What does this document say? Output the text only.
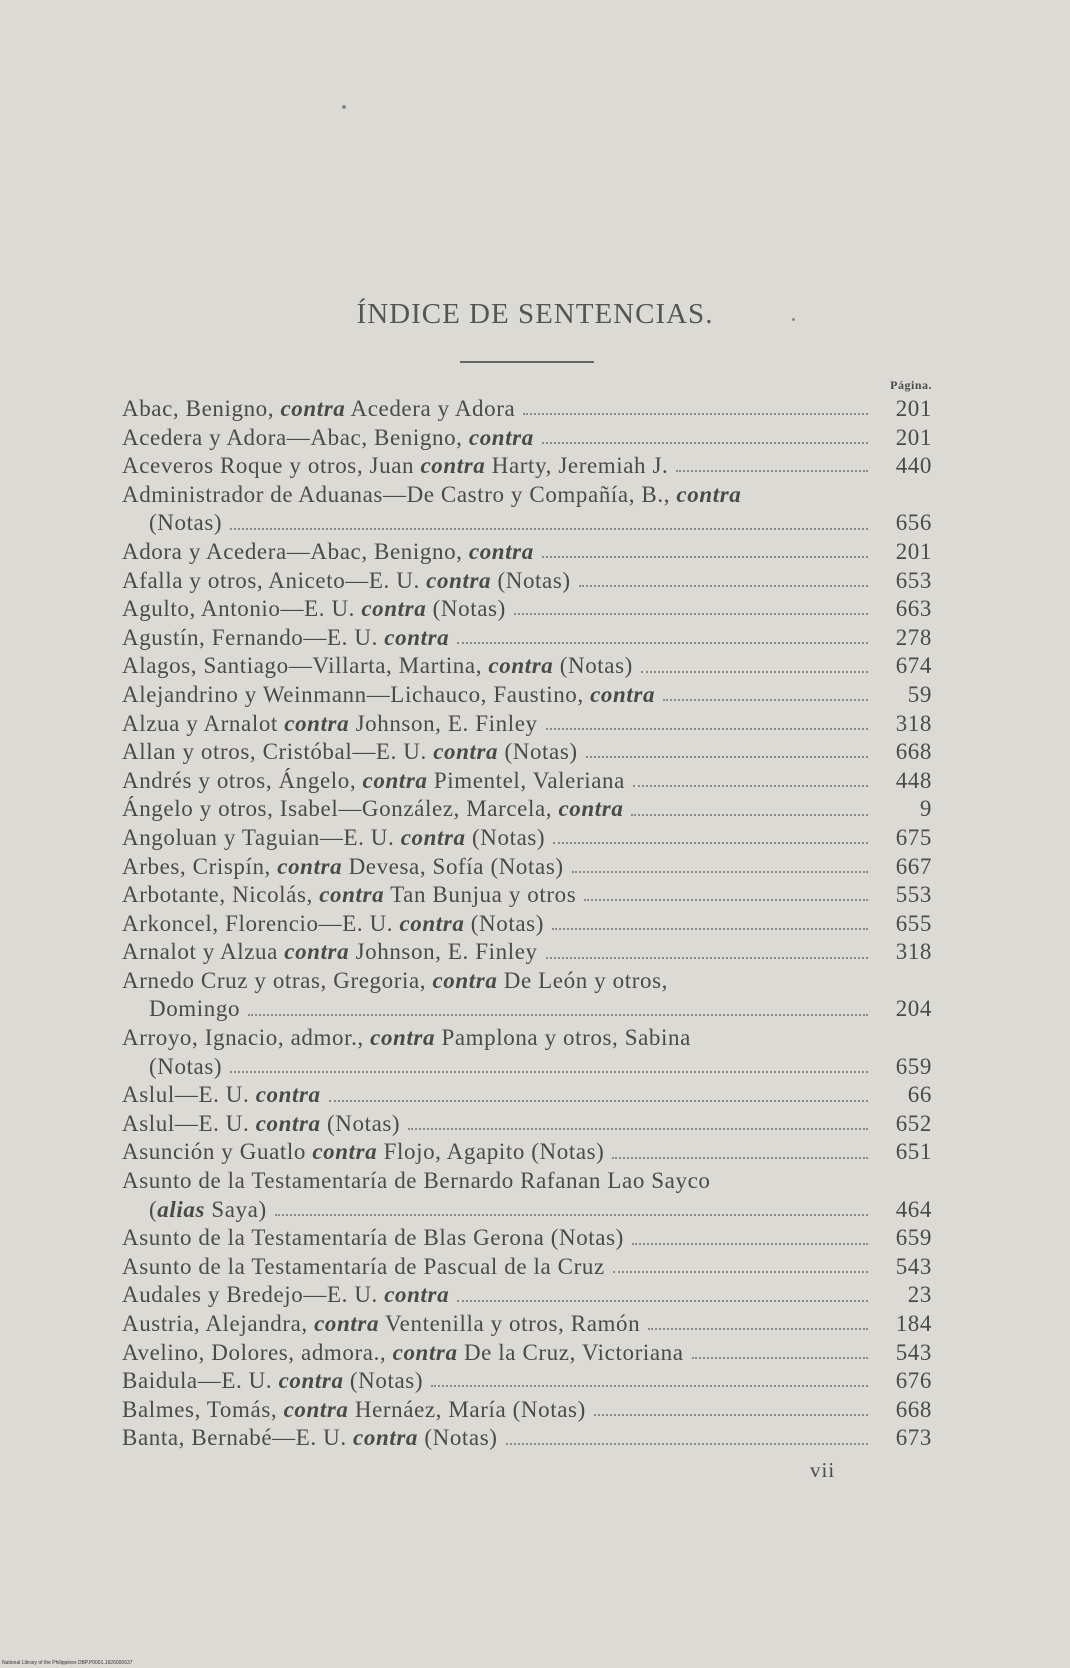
ÍNDICE DE SENTENCIAS.
Página.
Abac, Benigno, contra Acedera y Adora	201
Acedera y Adora—Abac, Benigno, contra	201
Aceveros Roque y otros, Juan contra Harty, Jeremiah J.	440
Administrador de Aduanas—De Castro y Compañía, B., contra
(Notas)	656
Adora y Acedera—Abac, Benigno, contra	201
Afalla y otros, Aniceto—E. U. contra (Notas)	653
Agulto, Antonio—E. U. contra (Notas)	663
Agustín, Fernando—E. U. contra	278
Alagos, Santiago—Villarta, Martina, contra (Notas)	674
Alejandrino y Weinmann—Lichauco, Faustino, contra	59
Alzua y Arnalot contra Johnson, E. Finley	318
Allan y otros, Cristóbal—E. U. contra (Notas)	668
Andrés y otros, Ángelo, contra Pimentel, Valeriana	448
Ángelo y otros, Isabel—González, Marcela, contra	9
Angoluan y Taguian—E. U. contra (Notas)	675
Arbes, Crispín, contra Devesa, Sofía (Notas)	667
Arbotante, Nicolás, contra Tan Bunjua y otros	553
Arkoncel, Florencio—E. U. contra (Notas)	655
Arnalot y Alzua contra Johnson, E. Finley	318
Arnedo Cruz y otras, Gregoria, contra De León y otros,
Domingo	204
Arroyo, Ignacio, admor., contra Pamplona y otros, Sabina
(Notas)	659
Aslul—E. U. contra	66
Aslul—E. U. contra (Notas)	652
Asunción y Guatlo contra Flojo, Agapito (Notas)	651
Asunto de la Testamentaría de Bernardo Rafanan Lao Sayco
(alias Saya)	464
Asunto de la Testamentaría de Blas Gerona (Notas)	659
Asunto de la Testamentaría de Pascual de la Cruz	543
Audales y Bredejo—E. U. contra	23
Austria, Alejandra, contra Ventenilla y otros, Ramón	184
Avelino, Dolores, admora., contra De la Cruz, Victoriana	543
Baidula—E. U. contra (Notas)	676
Balmes, Tomás, contra Hernáez, María (Notas)	668
Banta, Bernabé—E. U. contra (Notas)	673
vii
National Library of the Philippines DBP.P0001.1926000637
